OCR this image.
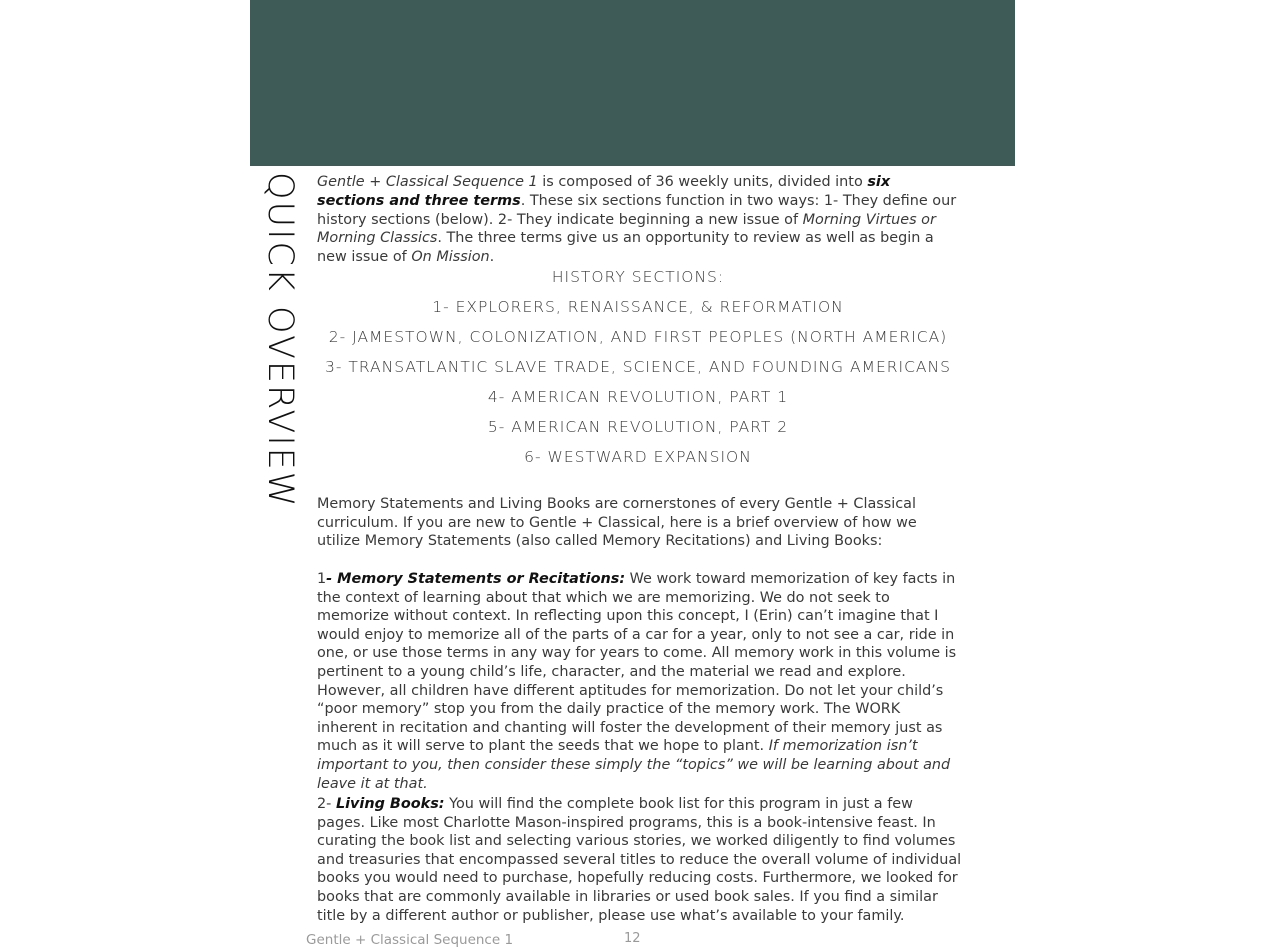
QUICK OVERVIEW Gentle + Classical Sequence 1 is composed of 36 weekly units, divided into six sections and three terms. These six sections function in two ways: 1- They define our history sections (below). 2- They indicate beginning a new issue of Morning Virtues or Morning Classics. The three terms give us an opportunity to review as well as begin a new issue of On Mission.

HISTORY SECTIONS:
1- EXPLORERS, RENAISSANCE, & REFORMATION
2- JAMESTOWN, COLONIZATION, AND FIRST PEOPLES (NORTH AMERICA)
3- TRANSATLANTIC SLAVE TRADE, SCIENCE, AND FOUNDING AMERICANS
4- AMERICAN REVOLUTION, PART 1
5- AMERICAN REVOLUTION, PART 2
6- WESTWARD EXPANSION

Memory Statements and Living Books are cornerstones of every Gentle + Classical curriculum. If you are new to Gentle + Classical, here is a brief overview of how we utilize Memory Statements (also called Memory Recitations) and Living Books:

1- Memory Statements or Recitations: We work toward memorization of key facts in the context of learning about that which we are memorizing. We do not seek to memorize without context. In reflecting upon this concept, I (Erin) can’t imagine that I would enjoy to memorize all of the parts of a car for a year, only to not see a car, ride in one, or use those terms in any way for years to come. All memory work in this volume is pertinent to a young child’s life, character, and the material we read and explore. However, all children have different aptitudes for memorization. Do not let your child’s “poor memory” stop you from the daily practice of the memory work. The WORK inherent in recitation and chanting will foster the development of their memory just as much as it will serve to plant the seeds that we hope to plant. If memorization isn’t important to you, then consider these simply the “topics” we will be learning about and leave it at that.

2- Living Books: You will find the complete book list for this program in just a few pages. Like most Charlotte Mason-inspired programs, this is a book-intensive feast. In curating the book list and selecting various stories, we worked diligently to find volumes and treasuries that encompassed several titles to reduce the overall volume of individual books you would need to purchase, hopefully reducing costs. Furthermore, we looked for books that are commonly available in libraries or used book sales. If you find a similar title by a different author or publisher, please use what’s available to your family.

Gentle + Classical Sequence 1	12
